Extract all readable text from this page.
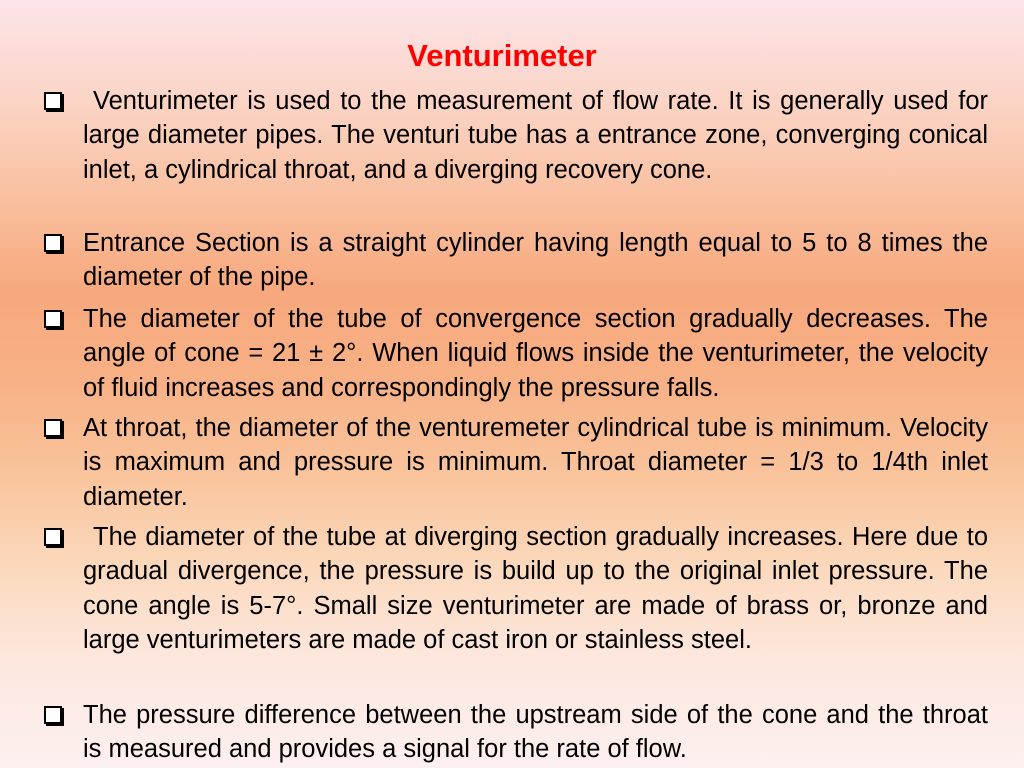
Venturimeter
Venturimeter is used to the measurement of flow rate. It is generally used for large diameter pipes. The venturi tube has a entrance zone, converging conical inlet, a cylindrical throat, and a diverging recovery cone.
Entrance Section is a straight cylinder having length equal to 5 to 8 times the diameter of the pipe.
The diameter of the tube of convergence section gradually decreases. The angle of cone = 21 ± 2°. When liquid flows inside the venturimeter, the velocity of fluid increases and correspondingly the pressure falls.
At throat, the diameter of the venturemeter cylindrical tube is minimum. Velocity is maximum and pressure is minimum. Throat diameter = 1/3 to 1/4th inlet diameter.
The diameter of the tube at diverging section gradually increases. Here due to gradual divergence, the pressure is build up to the original inlet pressure. The cone angle is 5-7°. Small size venturimeter are made of brass or, bronze and large venturimeters are made of cast iron or stainless steel.
The pressure difference between the upstream side of the cone and the throat is measured and provides a signal for the rate of flow.
